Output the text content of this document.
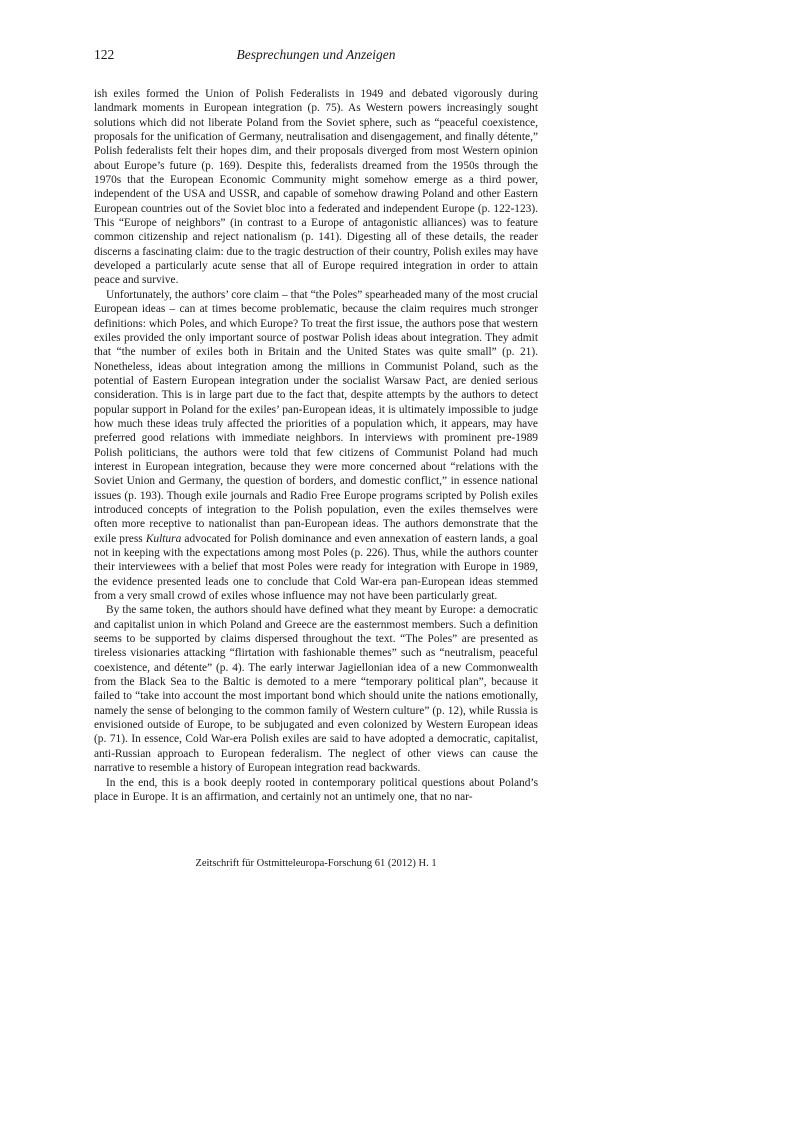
122	Besprechungen und Anzeigen

ish exiles formed the Union of Polish Federalists in 1949 and debated vigorously during landmark moments in European integration (p. 75). As Western powers increasingly sought solutions which did not liberate Poland from the Soviet sphere, such as “peaceful coexistence, proposals for the unification of Germany, neutralisation and disengagement, and finally détente,” Polish federalists felt their hopes dim, and their proposals diverged from most Western opinion about Europe’s future (p. 169). Despite this, federalists dreamed from the 1950s through the 1970s that the European Economic Community might somehow emerge as a third power, independent of the USA and USSR, and capable of somehow drawing Poland and other Eastern European countries out of the Soviet bloc into a federated and independent Europe (p. 122-123). This “Europe of neighbors” (in contrast to a Europe of antagonistic alliances) was to feature common citizenship and reject nationalism (p. 141). Digesting all of these details, the reader discerns a fascinating claim: due to the tragic destruction of their country, Polish exiles may have developed a particularly acute sense that all of Europe required integration in order to attain peace and survive.

Unfortunately, the authors’ core claim – that “the Poles” spearheaded many of the most crucial European ideas – can at times become problematic, because the claim requires much stronger definitions: which Poles, and which Europe? To treat the first issue, the authors pose that western exiles provided the only important source of postwar Polish ideas about integration. They admit that “the number of exiles both in Britain and the United States was quite small” (p. 21). Nonetheless, ideas about integration among the millions in Communist Poland, such as the potential of Eastern European integration under the socialist Warsaw Pact, are denied serious consideration. This is in large part due to the fact that, despite attempts by the authors to detect popular support in Poland for the exiles’ pan-European ideas, it is ultimately impossible to judge how much these ideas truly affected the priorities of a population which, it appears, may have preferred good relations with immediate neighbors. In interviews with prominent pre-1989 Polish politicians, the authors were told that few citizens of Communist Poland had much interest in European integration, because they were more concerned about “relations with the Soviet Union and Germany, the question of borders, and domestic conflict,” in essence national issues (p. 193). Though exile journals and Radio Free Europe programs scripted by Polish exiles introduced concepts of integration to the Polish population, even the exiles themselves were often more receptive to nationalist than pan-European ideas. The authors demonstrate that the exile press Kultura advocated for Polish dominance and even annexation of eastern lands, a goal not in keeping with the expectations among most Poles (p. 226). Thus, while the authors counter their interviewees with a belief that most Poles were ready for integration with Europe in 1989, the evidence presented leads one to conclude that Cold War-era pan-European ideas stemmed from a very small crowd of exiles whose influence may not have been particularly great.

By the same token, the authors should have defined what they meant by Europe: a democratic and capitalist union in which Poland and Greece are the easternmost members. Such a definition seems to be supported by claims dispersed throughout the text. “The Poles” are presented as tireless visionaries attacking “flirtation with fashionable themes” such as “neutralism, peaceful coexistence, and détente” (p. 4). The early interwar Jagiellonian idea of a new Commonwealth from the Black Sea to the Baltic is demoted to a mere “temporary political plan”, because it failed to “take into account the most important bond which should unite the nations emotionally, namely the sense of belonging to the common family of Western culture” (p. 12), while Russia is envisioned outside of Europe, to be subjugated and even colonized by Western European ideas (p. 71). In essence, Cold War-era Polish exiles are said to have adopted a democratic, capitalist, anti-Russian approach to European federalism. The neglect of other views can cause the narrative to resemble a history of European integration read backwards.

In the end, this is a book deeply rooted in contemporary political questions about Poland’s place in Europe. It is an affirmation, and certainly not an untimely one, that no nar-

Zeitschrift für Ostmitteleuropa-Forschung 61 (2012) H. 1
